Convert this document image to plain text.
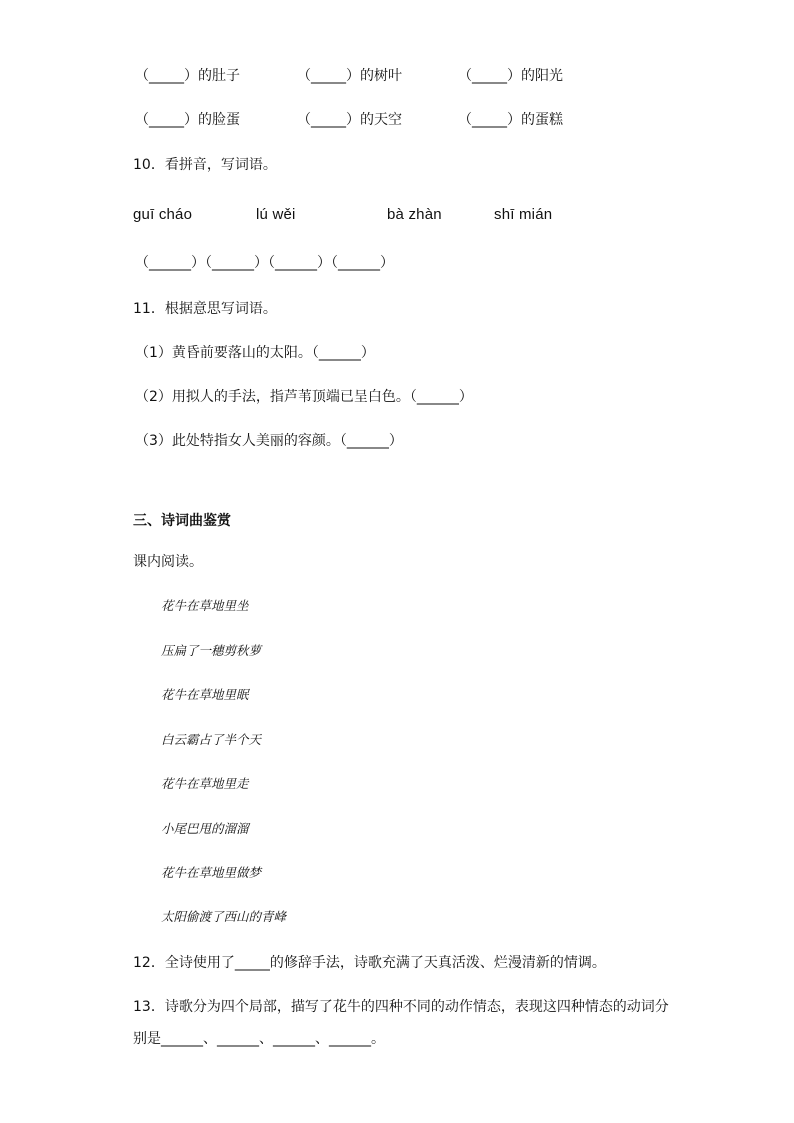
（_____）的肚子	（_____）的树叶	（_____）的阳光
（_____）的脸蛋	（_____）的天空	（_____）的蛋糕
10．看拼音，写词语。
guī cháo	lú wěi	bà zhàn	shī mián
（______）（______）（______）（______）
11．根据意思写词语。
（1）黄昏前要落山的太阳。（______）
（2）用拟人的手法，指芦苇顶端已呈白色。（______）
（3）此处特指女人美丽的容颜。（______）
三、诗词曲鉴赏
课内阅读。
花牛在草地里坐
压扁了一穗剪秋萝
花牛在草地里眠
白云霸占了半个天
花牛在草地里走
小尾巴甩的溜溜
花牛在草地里做梦
太阳偷渡了西山的青峰
12．全诗使用了_____的修辞手法，诗歌充满了天真活泼、烂漫清新的情调。
13．诗歌分为四个局部，描写了花牛的四种不同的动作情态，表现这四种情态的动词分
别是______、______、______、______。
